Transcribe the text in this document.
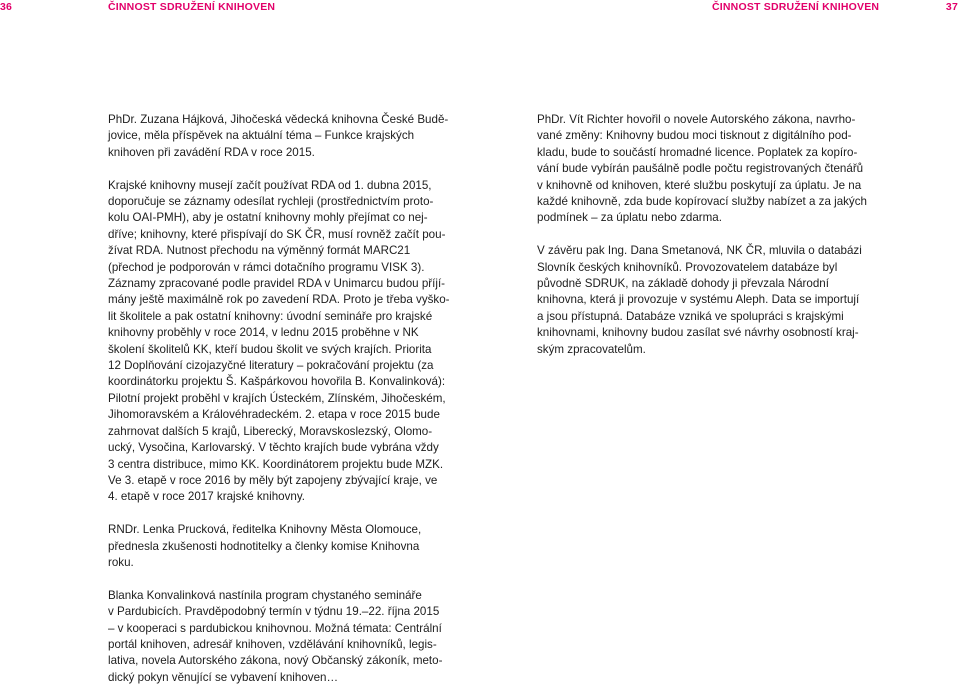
36	ČINNOST SDRUŽENÍ KNIHOVEN	ČINNOST SDRUŽENÍ KNIHOVEN	37
PhDr. Zuzana Hájková, Jihočeská vědecká knihovna České Budě-
jovice, měla příspěvek na aktuální téma – Funkce krajských
knihoven při zavádění RDA v roce 2015.
Krajské knihovny musejí začít používat RDA od 1. dubna 2015,
doporučuje se záznamy odesílat rychleji (prostřednictvím proto-
kolu OAI-PMH), aby je ostatní knihovny mohly přejímat co nej-
dříve; knihovny, které přispívají do SK ČR, musí rovněž začít pou-
žívat RDA. Nutnost přechodu na výměnný formát MARC21
(přechod je podporován v rámci dotačního programu VISK 3).
Záznamy zpracované podle pravidel RDA v Unimarcu budou příjí-
mány ještě maximálně rok po zavedení RDA. Proto je třeba vyško-
lit školitele a pak ostatní knihovny: úvodní semináře pro krajské
knihovny proběhly v roce 2014, v lednu 2015 proběhne v NK
školení školitelů KK, kteří budou školit ve svých krajích. Priorita
12 Doplňování cizojazyčné literatury – pokračování projektu (za
koordinátorku projektu Š. Kašpárkovou hovořila B. Konvalinková):
Pilotní projekt proběhl v krajích Ústeckém, Zlínském, Jihočeském,
Jihomoravském a Královéhradeckém. 2. etapa v roce 2015 bude
zahrnovat dalších 5 krajů, Liberecký, Moravskoslezský, Olomo-
ucký, Vysočina, Karlovarský. V těchto krajích bude vybrána vždy
3 centra distribuce, mimo KK. Koordinátorem projektu bude MZK.
Ve 3. etapě v roce 2016 by měly být zapojeny zbývající kraje, ve
4. etapě v roce 2017 krajské knihovny.
RNDr. Lenka Prucková, ředitelka Knihovny Města Olomouce,
přednesla zkušenosti hodnotitelky a členky komise Knihovna
roku.
Blanka Konvalinková nastínila program chystaného semináře
v Pardubicích. Pravděpodobný termín v týdnu 19.–22. října 2015
– v kooperaci s pardubickou knihovnou. Možná témata: Centrální
portál knihoven, adresář knihoven, vzdělávání knihovníků, legis-
lativa, novela Autorského zákona, nový Občanský zákoník, meto-
dický pokyn věnující se vybavení knihoven…
PhDr. Vít Richter hovořil o novele Autorského zákona, navrho-
vané změny: Knihovny budou moci tisknout z digitálního pod-
kladu, bude to součástí hromadné licence. Poplatek za kopíro-
vání bude vybírán paušálně podle počtu registrovaných čtenářů
v knihovně od knihoven, které službu poskytují za úplatu. Je na
každé knihovně, zda bude kopírovací služby nabízet a za jakých
podmínek – za úplatu nebo zdarma.
V závěru pak Ing. Dana Smetanová, NK ČR, mluvila o databázi
Slovník českých knihovníků. Provozovatelem databáze byl
původně SDRUK, na základě dohody ji převzala Národní
knihovna, která ji provozuje v systému Aleph. Data se importují
a jsou přístupná. Databáze vzniká ve spolupráci s krajskými
knihovnami, knihovny budou zasílat své návrhy osobností kraj-
ským zpracovatelům.
